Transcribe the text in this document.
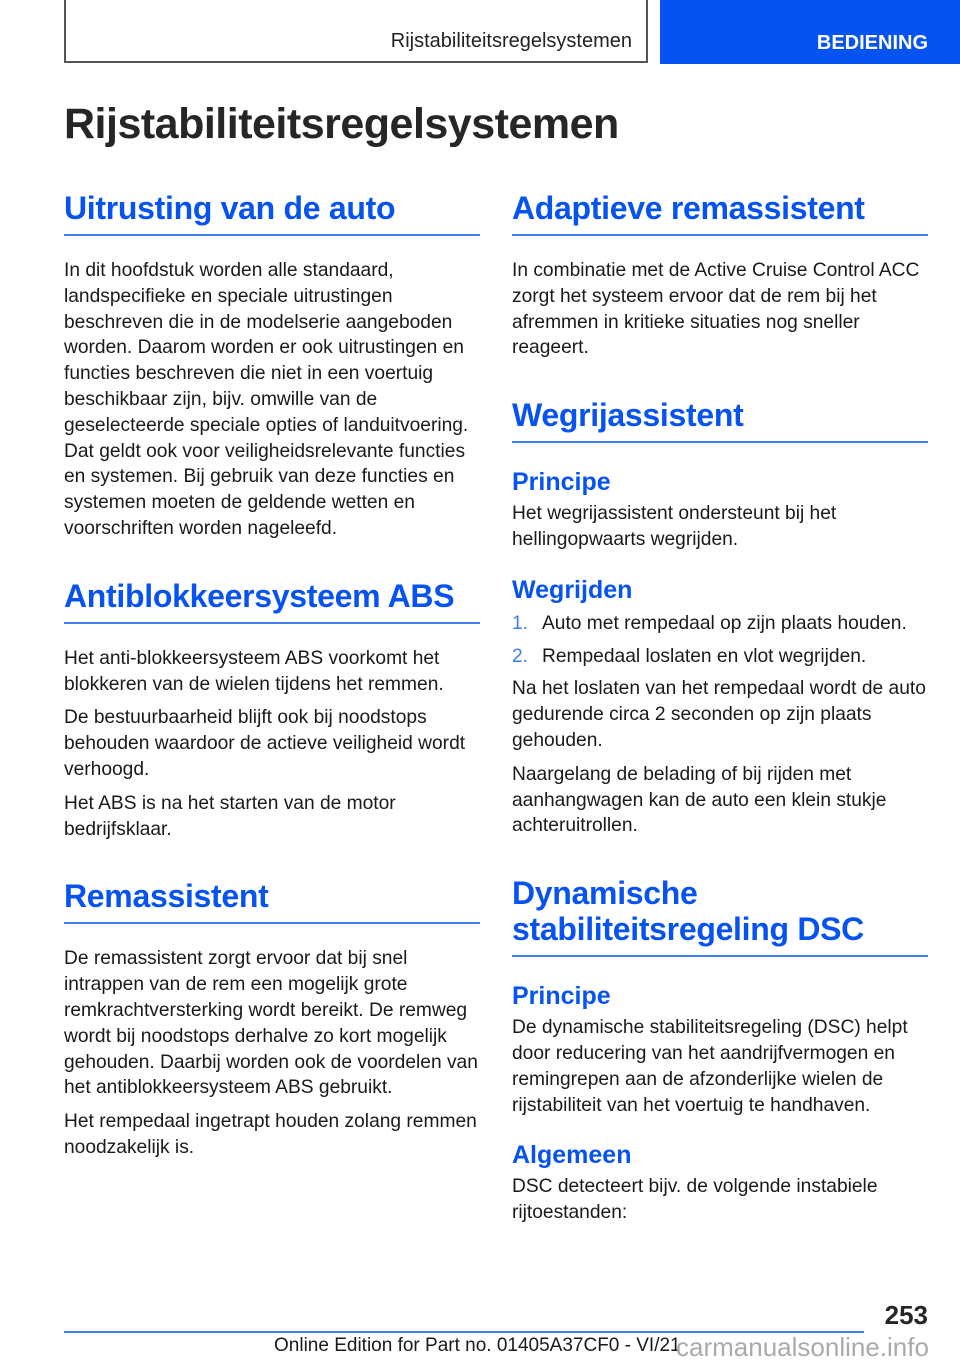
Rijstabiliteitsregelsystemen	BEDIENING
Rijstabiliteitsregelsystemen
Uitrusting van de auto

In dit hoofdstuk worden alle standaard, landspecifieke en speciale uitrustingen beschreven die in de modelserie aangeboden worden. Daarom worden er ook uitrustingen en functies beschreven die niet in een voertuig beschikbaar zijn, bijv. omwille van de geselecteerde speciale opties of landuitvoering. Dat geldt ook voor veiligheidsrelevante functies en systemen. Bij gebruik van deze functies en systemen moeten de geldende wetten en voorschriften worden nageleefd.

Antiblokkeersysteem ABS

Het anti-blokkeersysteem ABS voorkomt het blokkeren van de wielen tijdens het remmen.

De bestuurbaarheid blijft ook bij noodstops behouden waardoor de actieve veiligheid wordt verhoogd.

Het ABS is na het starten van de motor bedrijfsklaar.

Remassistent

De remassistent zorgt ervoor dat bij snel intrappen van de rem een mogelijk grote remkrachtversterking wordt bereikt. De remweg wordt bij noodstops derhalve zo kort mogelijk gehouden. Daarbij worden ook de voordelen van het antiblokkeersysteem ABS gebruikt.

Het rempedaal ingetrapt houden zolang remmen noodzakelijk is.

Adaptieve remassistent

In combinatie met de Active Cruise Control ACC zorgt het systeem ervoor dat de rem bij het afremmen in kritieke situaties nog sneller reageert.

Wegrijassistent
Principe

Het wegrijassistent ondersteunt bij het hellingopwaarts wegrijden.

Wegrijden
1. Auto met rempedaal op zijn plaats houden.
2. Rempedaal loslaten en vlot wegrijden.

Na het loslaten van het rempedaal wordt de auto gedurende circa 2 seconden op zijn plaats gehouden.

Naargelang de belading of bij rijden met aanhangwagen kan de auto een klein stukje achteruitrollen.

Dynamische stabiliteitsregeling DSC
Principe

De dynamische stabiliteitsregeling (DSC) helpt door reducering van het aandrijfvermogen en remingrepen aan de afzonderlijke wielen de rijstabiliteit van het voertuig te handhaven.

Algemeen

DSC detecteert bijv. de volgende instabiele rijtoestanden:

253
Online Edition for Part no. 01405A37CF0 - VI/21
carmanualsonline.info
